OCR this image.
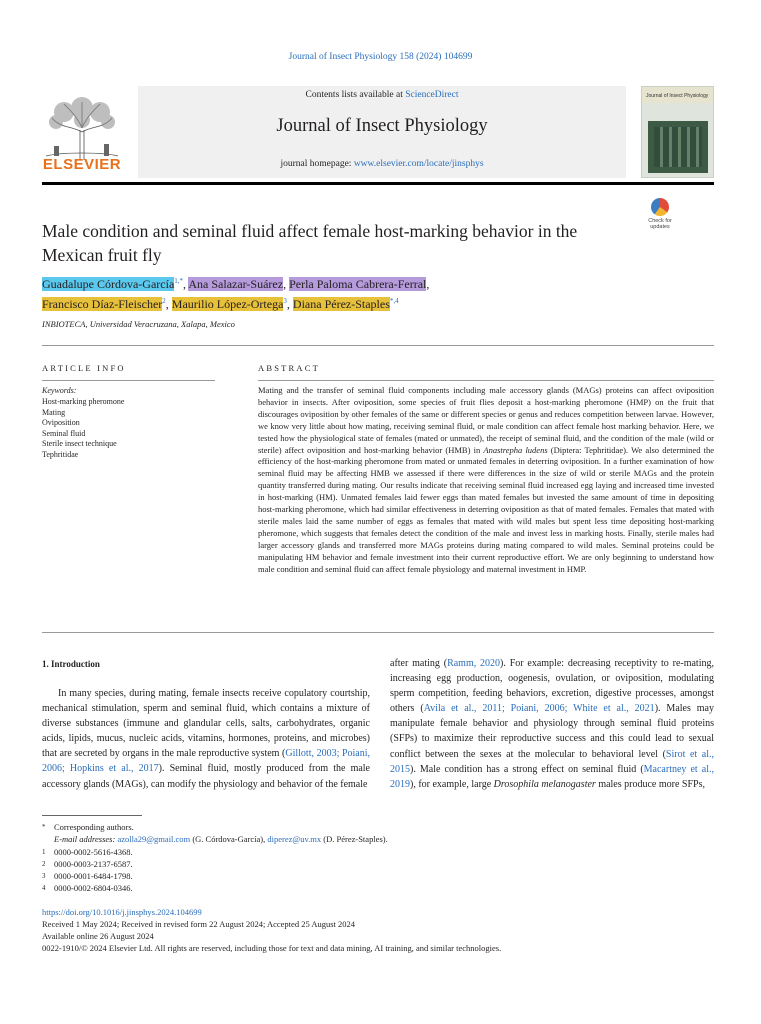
Journal of Insect Physiology 158 (2024) 104699
ELSEVIER
Contents lists available at ScienceDirect
Journal of Insect Physiology
journal homepage: www.elsevier.com/locate/jinsphys
Journal of Insect Physiology
Male condition and seminal fluid affect female host-marking behavior in the Mexican fruit fly
Check for updates
Guadalupe Córdova-García$^{1,*}$, Ana Salazar-Suárez, Perla Paloma Cabrera-Ferral,
Francisco Díaz-Fleischer$^2$, Maurilio López-Ortega$^3$, Diana Pérez-Staples$^{*,4}$
INBIOTECA, Universidad Veracruzana, Xalapa, Mexico
ARTICLE INFO
Keywords:
Host-marking pheromone
Mating
Oviposition
Seminal fluid
Sterile insect technique
Tephritidae
ABSTRACT
Mating and the transfer of seminal fluid components including male accessory glands (MAGs) proteins can affect oviposition behavior in insects. After oviposition, some species of fruit flies deposit a host-marking pheromone (HMP) on the fruit that discourages oviposition by other females of the same or different species or genus and reduces competition between larvae. However, we know very little about how mating, receiving seminal fluid, or male condition can affect female host marking behavior. Here, we tested how the physiological state of females (mated or unmated), the receipt of seminal fluid, and the condition of the male (wild or sterile) affect oviposition and host-marking behavior (HMB) in Anastrepha ludens (Diptera: Tephritidae). We also determined the efficiency of the host-marking pheromone from mated or unmated females in deterring oviposition. In a further examination of how seminal fluid may be affecting HMB we assessed if there were differences in the size of wild or sterile MAGs and the protein quantity transferred during mating. Our results indicate that receiving seminal fluid increased egg laying and increased time invested in host-marking (HM). Unmated females laid fewer eggs than mated females but invested the same amount of time in depositing host-marking pheromone, which had similar effectiveness in deterring oviposition as that of mated females. Females that mated with sterile males laid the same number of eggs as females that mated with wild males but spent less time depositing host-marking pheromone, which suggests that females detect the condition of the male and invest less in marking hosts. Finally, sterile males had larger accessory glands and transferred more MAGs proteins during mating compared to wild males. Seminal proteins could be manipulating HM behavior and female investment into their current reproductive effort. We are only beginning to understand how male condition and seminal fluid can affect female physiology and maternal investment in HMP.
1. Introduction
In many species, during mating, female insects receive copulatory courtship, mechanical stimulation, sperm and seminal fluid, which contains a mixture of diverse substances (immune and glandular cells, salts, carbohydrates, organic acids, lipids, mucus, nucleic acids, vitamins, hormones, proteins, and microbes) that are secreted by organs in the male reproductive system (Gillott, 2003; Poiani, 2006; Hopkins et al., 2017). Seminal fluid, mostly produced from the male accessory glands (MAGs), can modify the physiology and behavior of the female
after mating (Ramm, 2020). For example: decreasing receptivity to re-mating, increasing egg production, oogenesis, ovulation, or oviposition, modulating sperm competition, feeding behaviors, excretion, digestive processes, amongst others (Avila et al., 2011; Poiani, 2006; White et al., 2021). Males may manipulate female behavior and physiology through seminal fluid proteins (SFPs) to maximize their reproductive success and this could lead to sexual conflict between the sexes at the molecular to behavioral level (Sirot et al., 2015). Male condition has a strong effect on seminal fluid (Macartney et al., 2019), for example, large Drosophila melanogaster males produce more SFPs,
* Corresponding authors.
E-mail addresses: azolla29@gmail.com (G. Córdova-García), diperez@uv.mx (D. Pérez-Staples).
1 0000-0002-5616-4368.
2 0000-0003-2137-6587.
3 0000-0001-6484-1798.
4 0000-0002-6804-0346.
https://doi.org/10.1016/j.jinsphys.2024.104699
Received 1 May 2024; Received in revised form 22 August 2024; Accepted 25 August 2024
Available online 26 August 2024
0022-1910/© 2024 Elsevier Ltd. All rights are reserved, including those for text and data mining, AI training, and similar technologies.
